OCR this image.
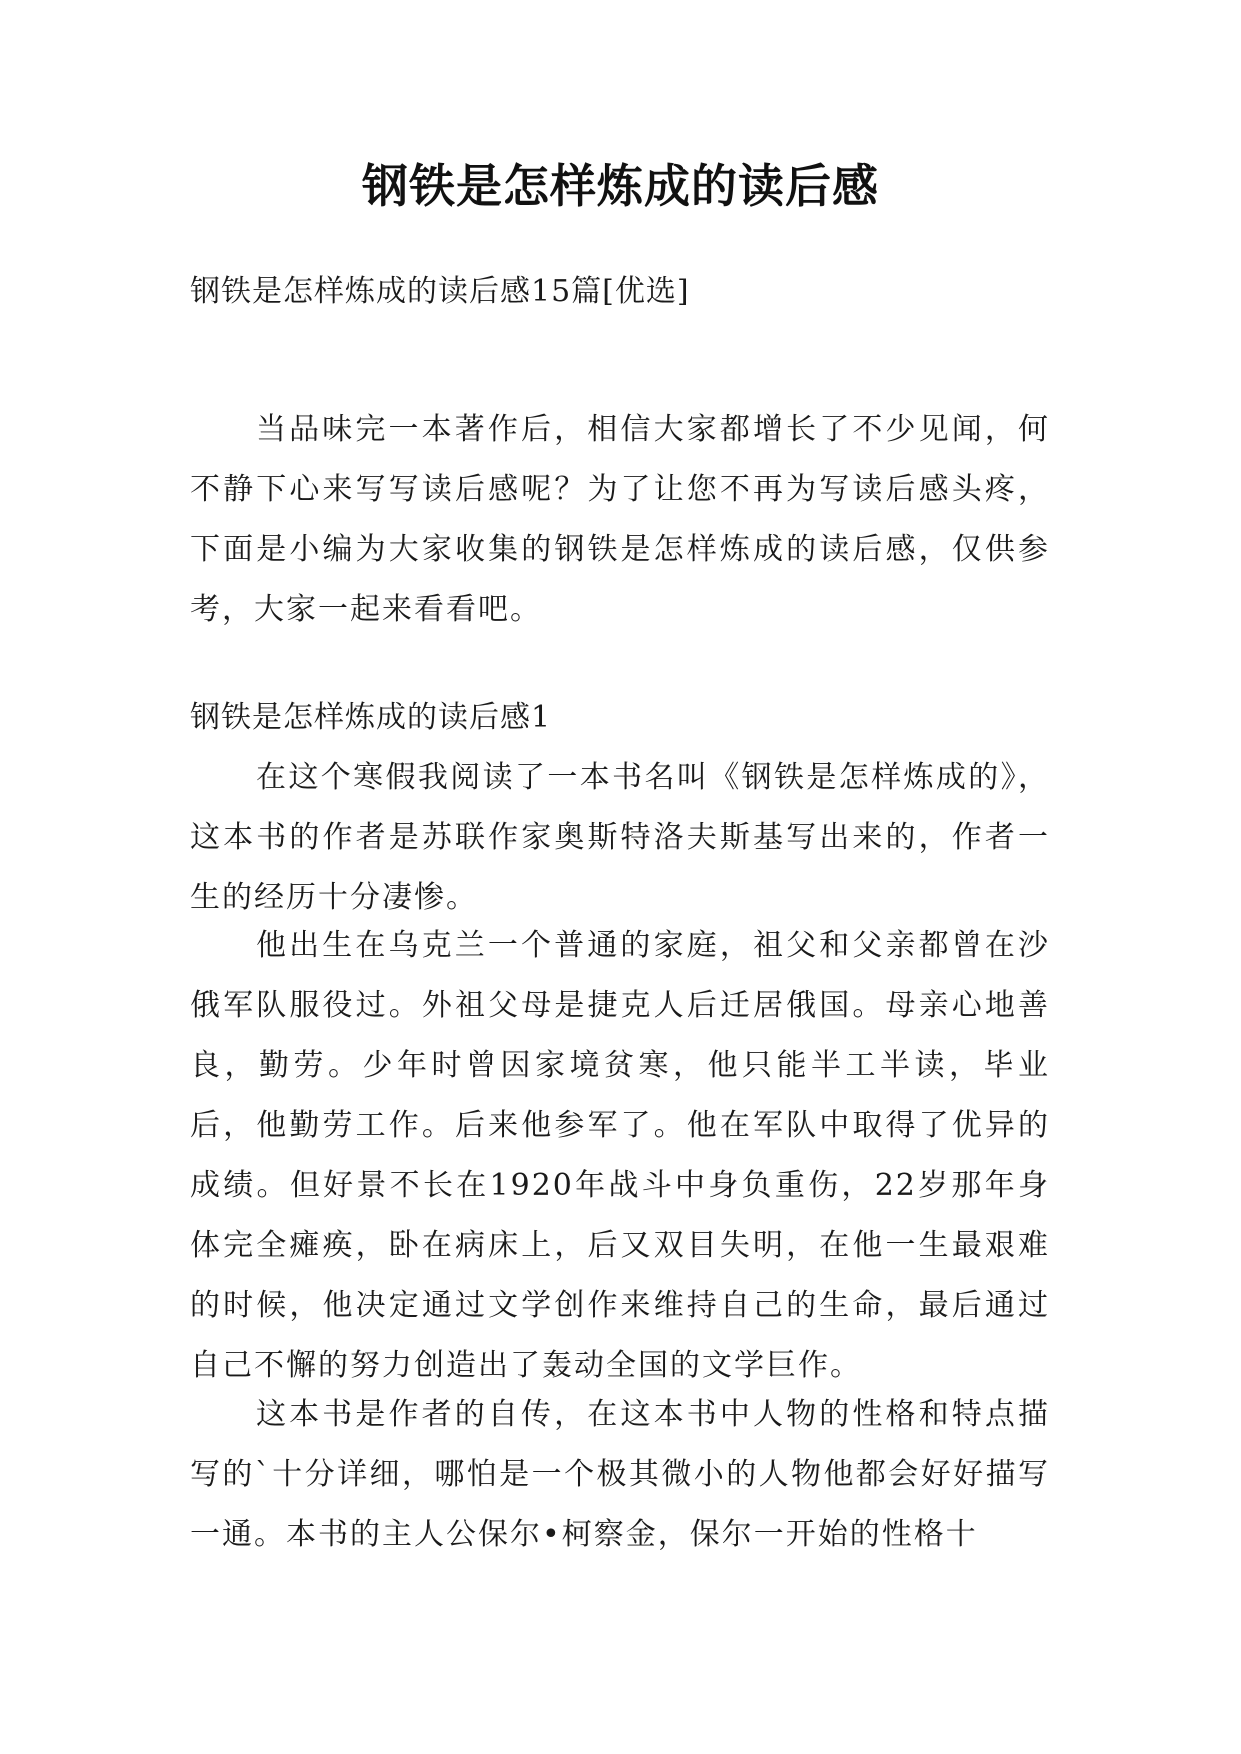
钢铁是怎样炼成的读后感

钢铁是怎样炼成的读后感15篇[优选]

当品味完一本著作后，相信大家都增长了不少见闻，何不静下心来写写读后感呢？为了让您不再为写读后感头疼，下面是小编为大家收集的钢铁是怎样炼成的读后感，仅供参考，大家一起来看看吧。

钢铁是怎样炼成的读后感1

在这个寒假我阅读了一本书名叫《钢铁是怎样炼成的》，这本书的作者是苏联作家奥斯特洛夫斯基写出来的，作者一生的经历十分凄惨。

他出生在乌克兰一个普通的家庭，祖父和父亲都曾在沙俄军队服役过。外祖父母是捷克人后迁居俄国。母亲心地善良，勤劳。少年时曾因家境贫寒，他只能半工半读，毕业后，他勤劳工作。后来他参军了。他在军队中取得了优异的成绩。但好景不长在1920年战斗中身负重伤，22岁那年身体完全瘫痪，卧在病床上，后又双目失明，在他一生最艰难的时候，他决定通过文学创作来维持自己的生命，最后通过自己不懈的努力创造出了轰动全国的文学巨作。

这本书是作者的自传，在这本书中人物的性格和特点描写的`十分详细，哪怕是一个极其微小的人物他都会好好描写一通。本书的主人公保尔•柯察金，保尔一开始的性格十
